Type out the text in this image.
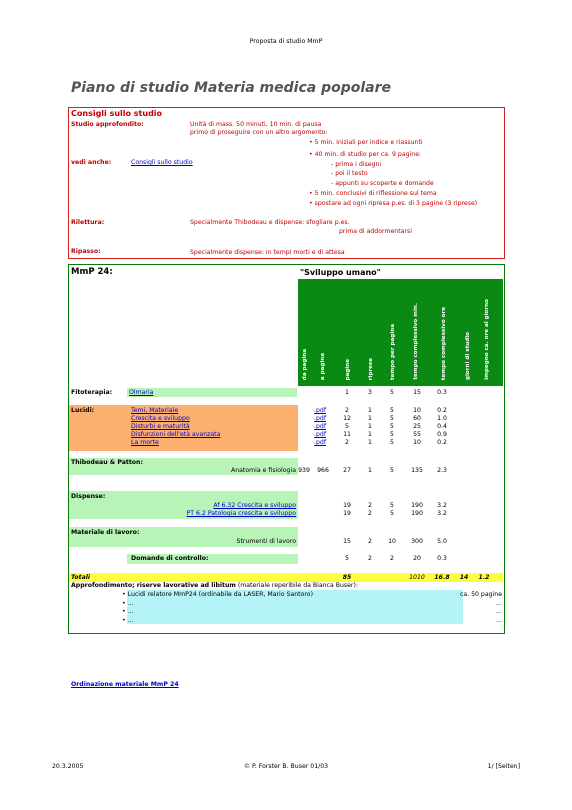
Proposta di studio MmP
Piano di studio Materia medica popolare
Consigli sullo studio
Studio approfondito:	Unità di mass. 50 minuti, 10 min. di pausa
primo di proseguire con un altro argomento:
• 5 min. iniziali per indice e riassunti
• 40 min. di studio per ca. 9 pagine:
vedi anche:	Consigli sullo studio
-	prima i disegni
- poi il testo
- appunti su scoperte e domande
• 5 min. conclusivi di riflessione sul tema
• spostare ad ogni ripresa p.es. di 3 pagine (3 riprese)
Rilettura:	Specialmente Thibodeau e dispense: sfogliare p.es.
prima di addormentarsi
Ripasso:	Specialmente dispense: in tempi morti e di attesa
MmP 24:	"Sviluppo umano"
da pagina a pagina	pagine	riprese	tempo per pagina	tempo complessivo min.	tempo complessivo ore	giorni di studio impegno ca. ore al giorno
Fitoterapia:	Olmaria	1	3	5	15	0.3
Lucidi:	Temi, Materiale	.pdf	2	1	5	10	0.2
Crescita e sviluppo	.pdf	12	1	5	60	1.0
Disturbi e maturità	.pdf	5	1	5	25	0.4
Disfunzioni dell'età avanzata	.pdf	11	1	5	55	0.9
La morte	.pdf	2	1	5	10	0.2
Thibodeau & Patton:
Anatomia e fisiologia 939	966	27	1	5	135	2.3
Dispense:
Af 6.32 Crescita e sviluppo	19	2	5	190	3.2
PT 6.2 Patologia crescita e sviluppo	19	2	5	190	3.2
Materiale di lavoro:
Strumenti di lavoro	15	2	10	300	5.0
Domande di controllo:	5	2	2	20	0.3
Totali	85	1010 16.8	14	1.2
Approfondimento; riserve lavorative ad libitum (materiale reperibile da Bianca Buser):
• Lucidi relatore MmP24 (ordinabile da LASER, Mario Santoro)	ca. 50 pagine
• ...	...
• ...	...
• ...	...
Ordinazione materiale MmP 24
20.3.2005	© P. Forster B. Buser 01/03	1/ [Seiten]
